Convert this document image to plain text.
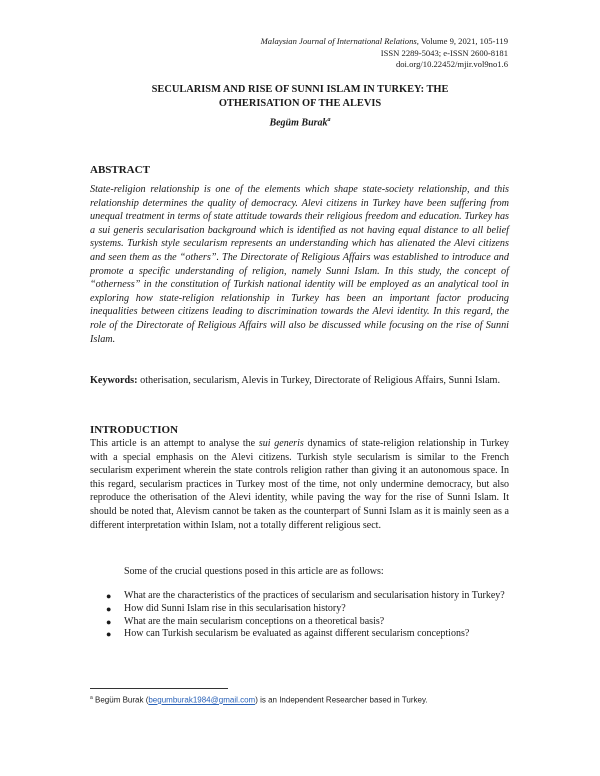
Malaysian Journal of International Relations, Volume 9, 2021, 105-119
ISSN 2289-5043; e-ISSN 2600-8181
doi.org/10.22452/mjir.vol9no1.6
SECULARISM AND RISE OF SUNNI ISLAM IN TURKEY: THE
OTHERISATION OF THE ALEVIS
Begüm Burak$^a$
ABSTRACT
State-religion relationship is one of the elements which shape state-society relationship, and this relationship determines the quality of democracy. Alevi citizens in Turkey have been suffering from unequal treatment in terms of state attitude towards their religious freedom and education. Turkey has a sui generis secularisation background which is identified as not having equal distance to all belief systems. Turkish style secularism represents an understanding which has alienated the Alevi citizens and seen them as the “others”. The Directorate of Religious Affairs was established to introduce and promote a specific understanding of religion, namely Sunni Islam. In this study, the concept of “otherness” in the constitution of Turkish national identity will be employed as an analytical tool in exploring how state-religion relationship in Turkey has been an important factor producing inequalities between citizens leading to discrimination towards the Alevi identity. In this regard, the role of the Directorate of Religious Affairs will also be discussed while focusing on the rise of Sunni Islam.
Keywords: otherisation, secularism, Alevis in Turkey, Directorate of Religious Affairs, Sunni Islam.
INTRODUCTION
This article is an attempt to analyse the sui generis dynamics of state-religion relationship in Turkey with a special emphasis on the Alevi citizens. Turkish style secularism is similar to the French secularism experiment wherein the state controls religion rather than giving it an autonomous space. In this regard, secularism practices in Turkey most of the time, not only undermine democracy, but also reproduce the otherisation of the Alevi identity, while paving the way for the rise of Sunni Islam. It should be noted that, Alevism cannot be taken as the counterpart of Sunni Islam as it is mainly seen as a different interpretation within Islam, not a totally different religious sect.
Some of the crucial questions posed in this article are as follows:
● What are the characteristics of the practices of secularism and secularisation history in Turkey?
● How did Sunni Islam rise in this secularisation history?
● What are the main secularism conceptions on a theoretical basis?
● How can Turkish secularism be evaluated as against different secularism conceptions?
$^a$ Begüm Burak (begumburak1984@gmail.com) is an Independent Researcher based in Turkey.
